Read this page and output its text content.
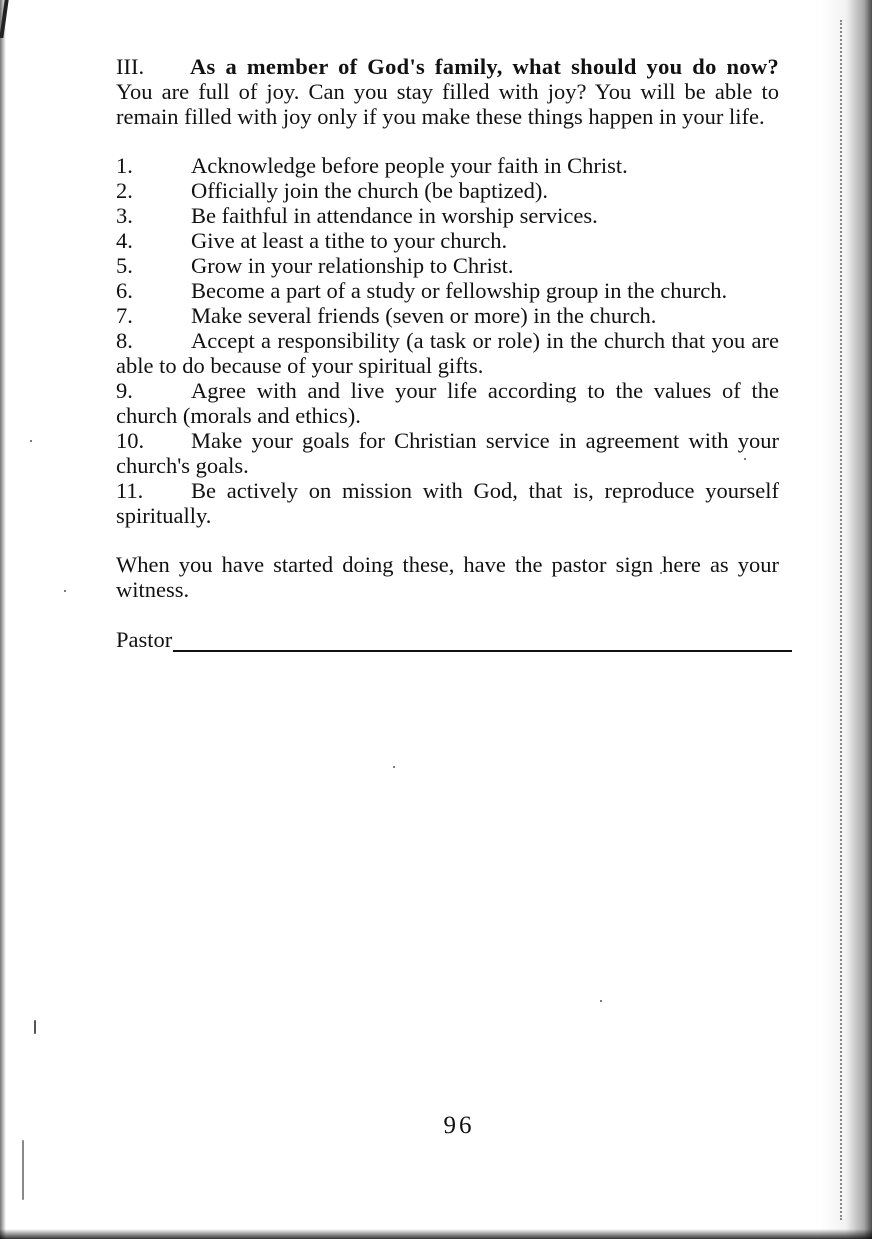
III. As a member of God's family, what should you do now? You are full of joy. Can you stay filled with joy? You will be able to remain filled with joy only if you make these things happen in your life.

1.	Acknowledge before people your faith in Christ.
2.	Officially join the church (be baptized).
3.	Be faithful in attendance in worship services.
4.	Give at least a tithe to your church.
5.	Grow in your relationship to Christ.
6.	Become a part of a study or fellowship group in the church.
7.	Make several friends (seven or more) in the church.
8.	Accept a responsibility (a task or role) in the church that you are able to do because of your spiritual gifts.
9.	Agree with and live your life according to the values of the church (morals and ethics).
10. Make your goals for Christian service in agreement with your church's goals.
11. Be actively on mission with God, that is, reproduce yourself spiritually.

When you have started doing these, have the pastor sign here as your witness.

Pastor
96
